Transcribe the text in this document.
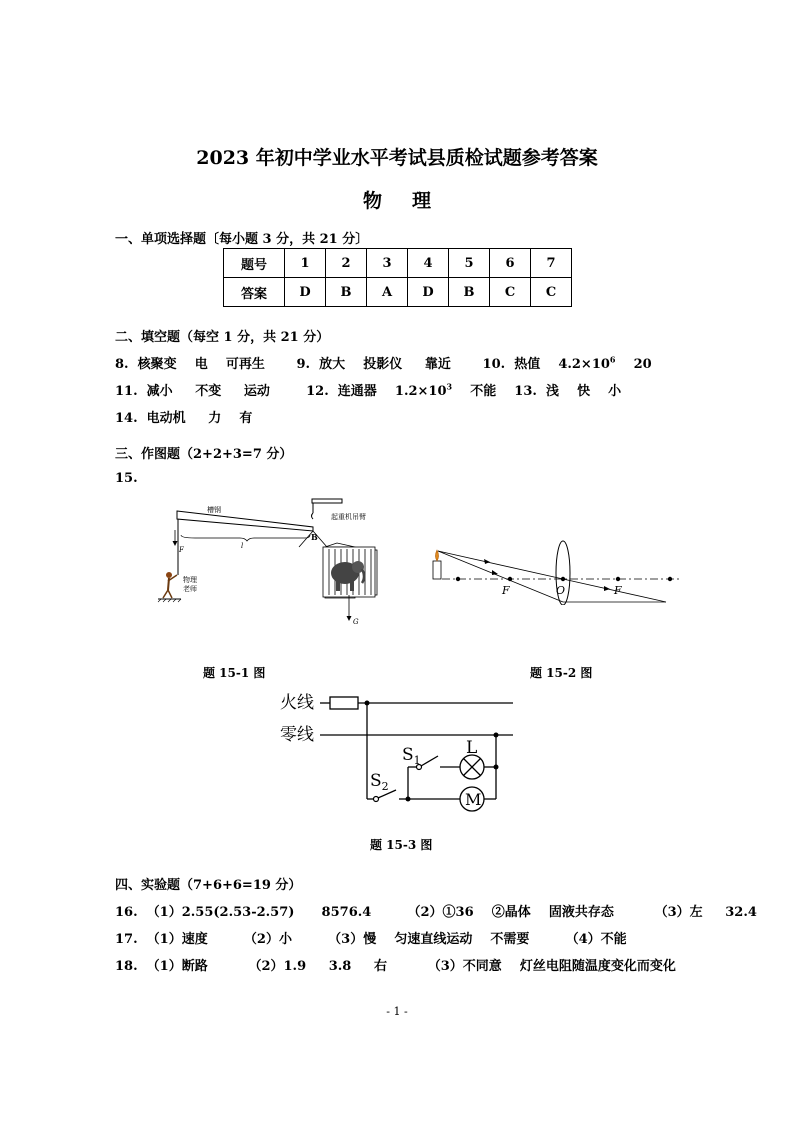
2023 年初中学业水平考试县质检试题参考答案
物理
一、单项选择题〔每小题 3 分，共 21 分〕
题号	1	2	3	4	5	6	7
答案	D	B	A	D	B	C	C
二、填空题（每空 1 分，共 21 分）
8.  核聚变    电    可再生       9.  放大    投影仪     靠近       10.  热值    $4.2\times 10^6$    20
11.  减小     不变     运动        12.  连通器    $1.2\times 10^3$    不能    13.  浅    快    小
14.  电动机     力    有
三、作图题（2+2+3=7 分）
15.
起重机吊臂
槽钢
B
l
F
物理
老师
G
F	O	F
题 15-1 图	题 15-2 图
火线
零线
$S_2$
$S_1$
L
M
题 15-3 图
四、实验题（7+6+6=19 分）
16.  （1）2.55(2.53-2.57)      8576.4        （2）①36    ②晶体    固液共存态         （3）左     32.4
17.  （1）速度        （2）小        （3）慢    匀速直线运动    不需要        （4）不能
18.  （1）断路         （2）1.9     3.8     右         （3）不同意    灯丝电阻随温度变化而变化
- 1 -
